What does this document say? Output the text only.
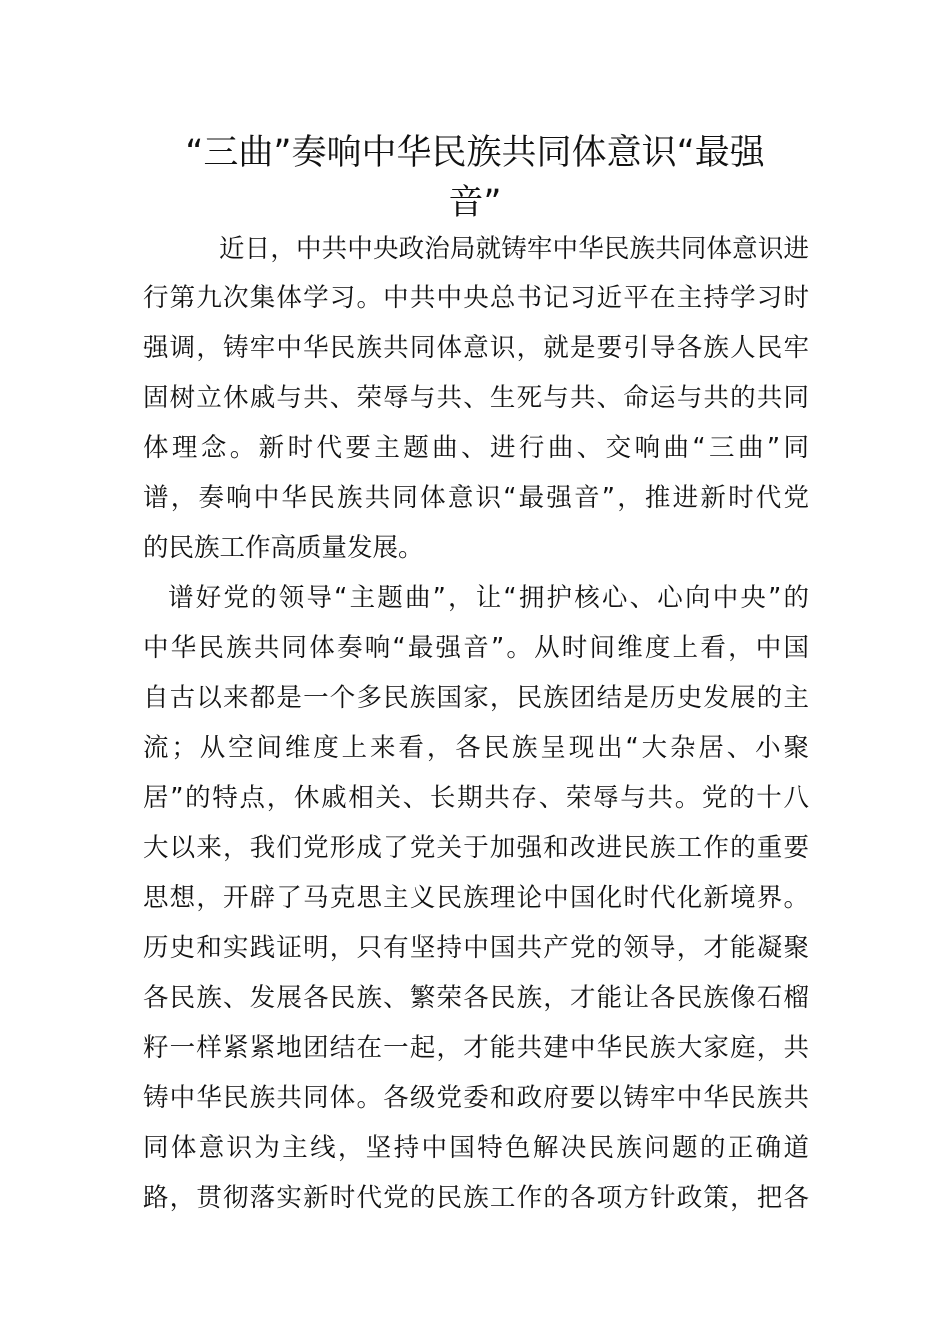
“三曲”奏响中华民族共同体意识“最强
音”
近日，中共中央政治局就铸牢中华民族共同体意识进
行第九次集体学习。中共中央总书记习近平在主持学习时
强调，铸牢中华民族共同体意识，就是要引导各族人民牢
固树立休戚与共、荣辱与共、生死与共、命运与共的共同
体理念。新时代要主题曲、进行曲、交响曲“三曲”同
谱，奏响中华民族共同体意识“最强音”，推进新时代党
的民族工作高质量发展。
谱好党的领导“主题曲”，让“拥护核心、心向中央”的
中华民族共同体奏响“最强音”。从时间维度上看，中国
自古以来都是一个多民族国家，民族团结是历史发展的主
流；从空间维度上来看，各民族呈现出“大杂居、小聚
居”的特点，休戚相关、长期共存、荣辱与共。党的十八
大以来，我们党形成了党关于加强和改进民族工作的重要
思想，开辟了马克思主义民族理论中国化时代化新境界。
历史和实践证明，只有坚持中国共产党的领导，才能凝聚
各民族、发展各民族、繁荣各民族，才能让各民族像石榴
籽一样紧紧地团结在一起，才能共建中华民族大家庭，共
铸中华民族共同体。各级党委和政府要以铸牢中华民族共
同体意识为主线，坚持中国特色解决民族问题的正确道
路，贯彻落实新时代党的民族工作的各项方针政策，把各
